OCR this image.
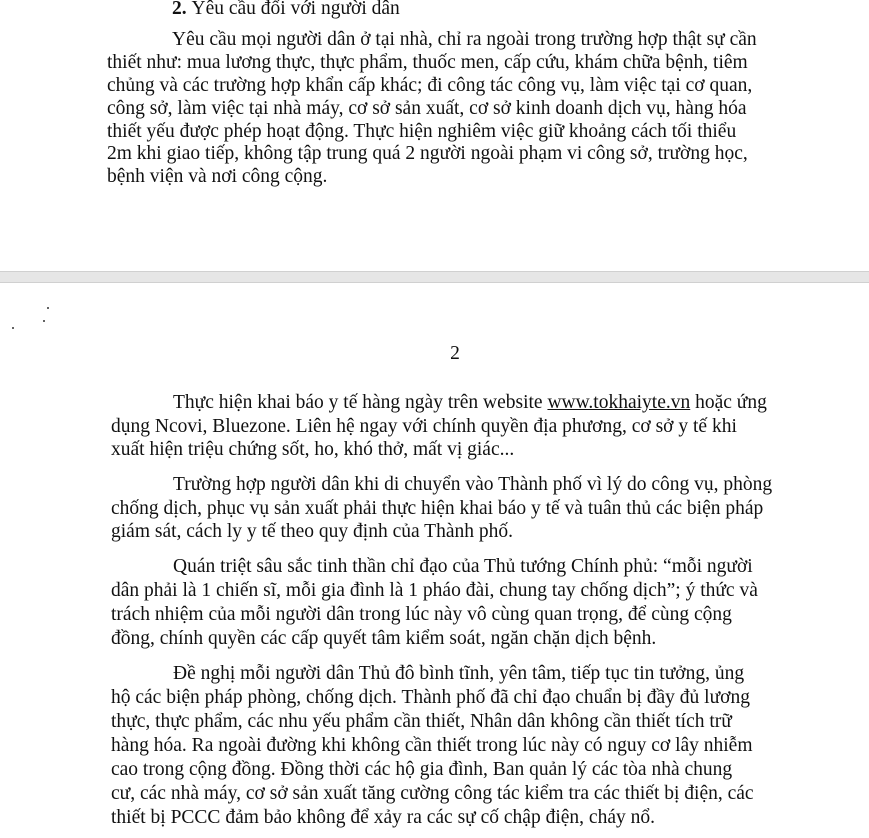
2. Yêu cầu đối với người dân
Yêu cầu mọi người dân ở tại nhà, chỉ ra ngoài trong trường hợp thật sự cần
thiết như: mua lương thực, thực phẩm, thuốc men, cấp cứu, khám chữa bệnh, tiêm
chủng và các trường hợp khẩn cấp khác; đi công tác công vụ, làm việc tại cơ quan,
công sở, làm việc tại nhà máy, cơ sở sản xuất, cơ sở kinh doanh dịch vụ, hàng hóa
thiết yếu được phép hoạt động. Thực hiện nghiêm việc giữ khoảng cách tối thiểu
2m khi giao tiếp, không tập trung quá 2 người ngoài phạm vi công sở, trường học,
bệnh viện và nơi công cộng.
2
Thực hiện khai báo y tế hàng ngày trên website www.tokhaiyte.vn hoặc ứng
dụng Ncovi, Bluezone. Liên hệ ngay với chính quyền địa phương, cơ sở y tế khi
xuất hiện triệu chứng sốt, ho, khó thở, mất vị giác...
Trường hợp người dân khi di chuyển vào Thành phố vì lý do công vụ, phòng
chống dịch, phục vụ sản xuất phải thực hiện khai báo y tế và tuân thủ các biện pháp
giám sát, cách ly y tế theo quy định của Thành phố.
Quán triệt sâu sắc tinh thần chỉ đạo của Thủ tướng Chính phủ: “mỗi người
dân phải là 1 chiến sĩ, mỗi gia đình là 1 pháo đài, chung tay chống dịch”; ý thức và
trách nhiệm của mỗi người dân trong lúc này vô cùng quan trọng, để cùng cộng
đồng, chính quyền các cấp quyết tâm kiểm soát, ngăn chặn dịch bệnh.
Đề nghị mỗi người dân Thủ đô bình tĩnh, yên tâm, tiếp tục tin tưởng, ủng
hộ các biện pháp phòng, chống dịch. Thành phố đã chỉ đạo chuẩn bị đầy đủ lương
thực, thực phẩm, các nhu yếu phẩm cần thiết, Nhân dân không cần thiết tích trữ
hàng hóa. Ra ngoài đường khi không cần thiết trong lúc này có nguy cơ lây nhiễm
cao trong cộng đồng. Đồng thời các hộ gia đình, Ban quản lý các tòa nhà chung
cư, các nhà máy, cơ sở sản xuất tăng cường công tác kiểm tra các thiết bị điện, các
thiết bị PCCC đảm bảo không để xảy ra các sự cố chập điện, cháy nổ.
